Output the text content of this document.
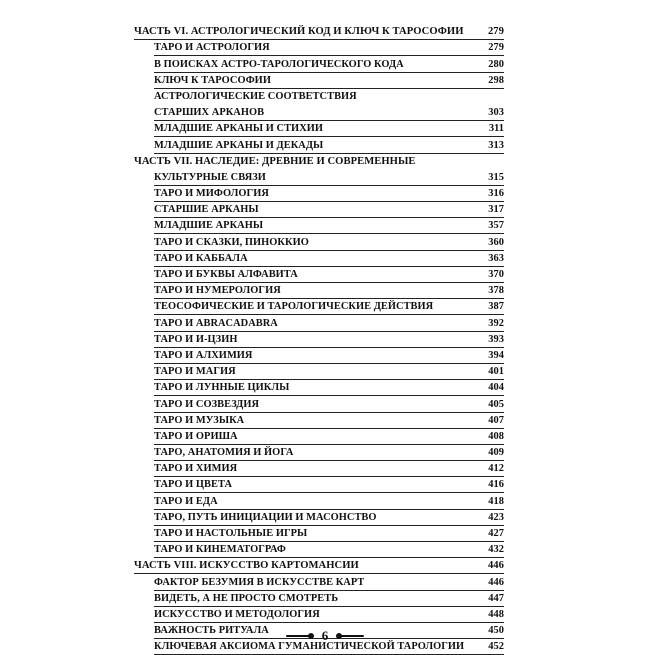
ЧАСТЬ VI. АСТРОЛОГИЧЕСКИЙ КОД И КЛЮЧ К ТАРОСОФИИ	279
ТАРО И АСТРОЛОГИЯ	279
В ПОИСКАХ АСТРО-ТАРОЛОГИЧЕСКОГО КОДА	280
КЛЮЧ К ТАРОСОФИИ	298
АСТРОЛОГИЧЕСКИЕ СООТВЕТСТВИЯ
СТАРШИХ АРКАНОВ	303
МЛАДШИЕ АРКАНЫ И СТИХИИ	311
МЛАДШИЕ АРКАНЫ И ДЕКАДЫ	313
ЧАСТЬ VII. НАСЛЕДИЕ: ДРЕВНИЕ И СОВРЕМЕННЫЕ
КУЛЬТУРНЫЕ СВЯЗИ	315
ТАРО И МИФОЛОГИЯ	316
СТАРШИЕ АРКАНЫ	317
МЛАДШИЕ АРКАНЫ	357
ТАРО И СКАЗКИ, ПИНОККИО	360
ТАРО И КАББАЛА	363
ТАРО И БУКВЫ АЛФАВИТА	370
ТАРО И НУМЕРОЛОГИЯ	378
ТЕОСОФИЧЕСКИЕ И ТАРОЛОГИЧЕСКИЕ ДЕЙСТВИЯ	387
ТАРО И ABRACADABRA	392
ТАРО И И-ЦЗИН	393
ТАРО И АЛХИМИЯ	394
ТАРО И МАГИЯ	401
ТАРО И ЛУННЫЕ ЦИКЛЫ	404
ТАРО И СОЗВЕЗДИЯ	405
ТАРО И МУЗЫКА	407
ТАРО И ОРИША	408
ТАРО, АНАТОМИЯ И ЙОГА	409
ТАРО И ХИМИЯ	412
ТАРО И ЦВЕТА	416
ТАРО И ЕДА	418
ТАРО, ПУТЬ ИНИЦИАЦИИ И МАСОНСТВО	423
ТАРО И НАСТОЛЬНЫЕ ИГРЫ	427
ТАРО И КИНЕМАТОГРАФ	432
ЧАСТЬ VIII. ИСКУССТВО КАРТОМАНСИИ	446
ФАКТОР БЕЗУМИЯ В ИСКУССТВЕ КАРТ	446
ВИДЕТЬ, А НЕ ПРОСТО СМОТРЕТЬ	447
ИСКУССТВО И МЕТОДОЛОГИЯ	448
ВАЖНОСТЬ РИТУАЛА	450
КЛЮЧЕВАЯ АКСИОМА ГУМАНИСТИЧЕСКОЙ ТАРОЛОГИИ	452
6
